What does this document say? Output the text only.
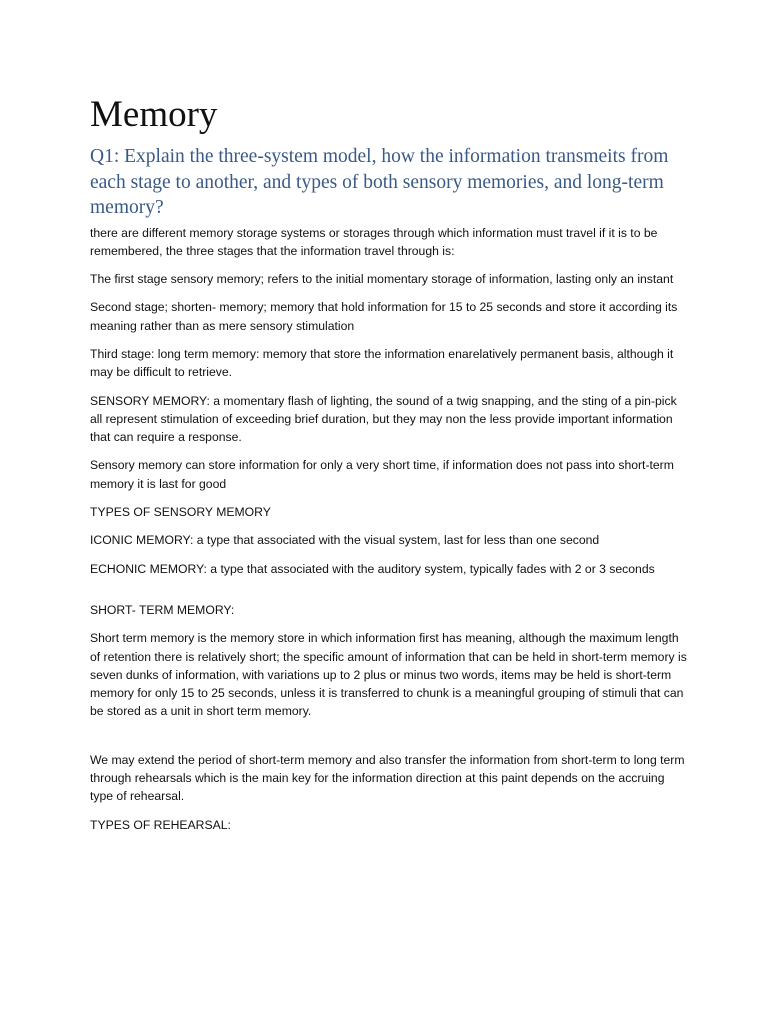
Memory
Q1: Explain the three-system model, how the information transmeits from each stage to another, and types of both sensory memories, and long-term memory?

there are different memory storage systems or storages through which information must travel if it is to be remembered, the three stages that the information travel through is:

The first stage sensory memory; refers to the initial momentary storage of information, lasting only an instant

Second stage; shorten- memory; memory that hold information for 15 to 25 seconds and store it according its meaning rather than as mere sensory stimulation

Third stage: long term memory: memory that store the information enarelatively permanent basis, although it may be difficult to retrieve.

SENSORY MEMORY: a momentary flash of lighting, the sound of a twig snapping, and the sting of a pin-pick all represent stimulation of exceeding brief duration, but they may non the less provide important information that can require a response.

Sensory memory can store information for only a very short time, if information does not pass into short-term memory it is last for good

TYPES OF SENSORY MEMORY

ICONIC MEMORY: a type that associated with the visual system, last for less than one second

ECHONIC MEMORY: a type that associated with the auditory system, typically fades with 2 or 3 seconds

SHORT- TERM MEMORY:

Short term memory is the memory store in which information first has meaning, although the maximum length of retention there is relatively short; the specific amount of information that can be held in short-term memory is seven dunks of information, with variations up to 2 plus or minus two words, items may be held is short-term memory for only 15 to 25 seconds, unless it is transferred to chunk is a meaningful grouping of stimuli that can be stored as a unit in short term memory.

We may extend the period of short-term memory and also transfer the information from short-term to long term through rehearsals which is the main key for the information direction at this paint depends on the accruing type of rehearsal.

TYPES OF REHEARSAL:
